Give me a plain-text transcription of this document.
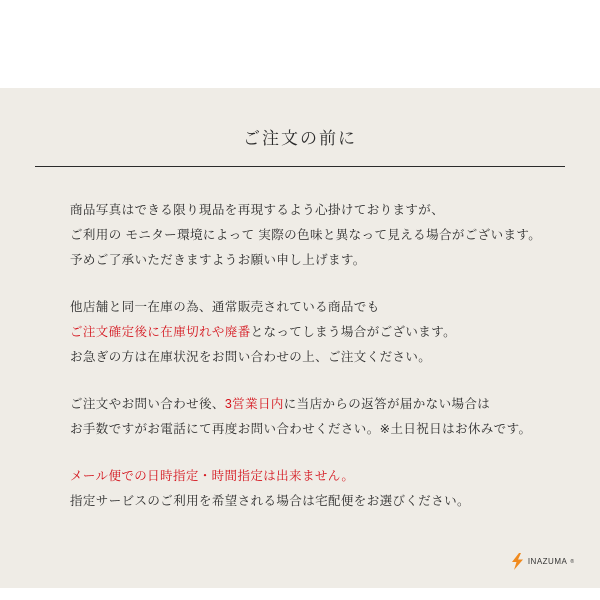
ご注文の前に

商品写真はできる限り現品を再現するよう心掛けておりますが、
ご利用の モニター環境によって 実際の色味と異なって見える場合がございます。
予めご了承いただきますようお願い申し上げます。

他店舗と同一在庫の為、通常販売されている商品でも
ご注文確定後に在庫切れや廃番となってしまう場合がございます。
お急ぎの方は在庫状況をお問い合わせの上、ご注文ください。

ご注文やお問い合わせ後、3営業日内に当店からの返答が届かない場合は
お手数ですがお電話にて再度お問い合わせください。※土日祝日はお休みです。

メール便での日時指定・時間指定は出来ません。
指定サービスのご利用を希望される場合は宅配便をお選びください。

INAZUMA ®
